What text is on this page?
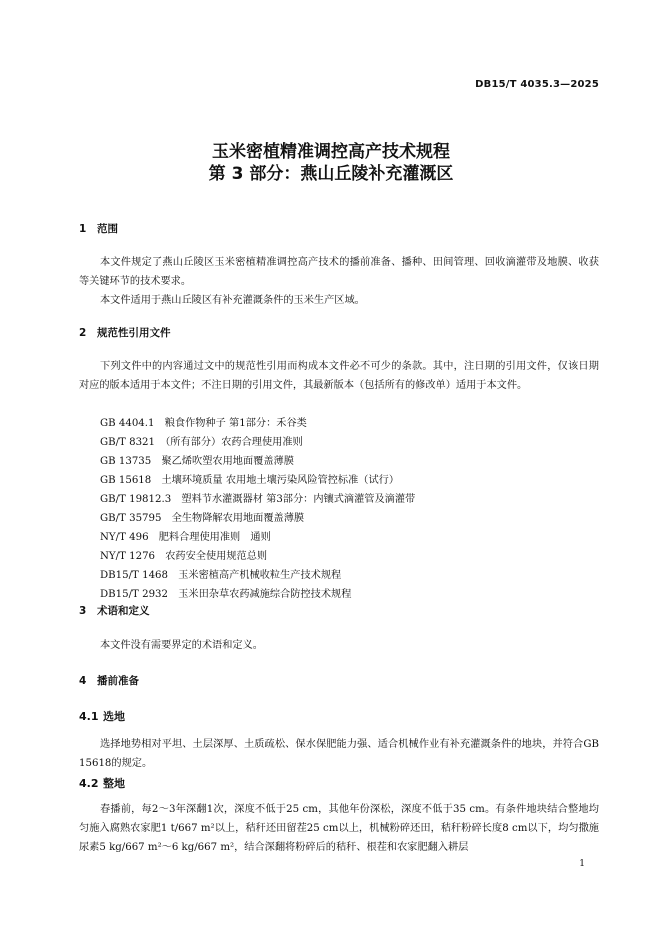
DB15/T 4035.3—2025
玉米密植精准调控高产技术规程
第 3 部分：燕山丘陵补充灌溉区
1 范围

本文件规定了燕山丘陵区玉米密植精准调控高产技术的播前准备、播种、田间管理、回收滴灌带及地膜、收获等关键环节的技术要求。

本文件适用于燕山丘陵区有补充灌溉条件的玉米生产区域。

2 规范性引用文件

下列文件中的内容通过文中的规范性引用而构成本文件必不可少的条款。其中，注日期的引用文件，仅该日期对应的版本适用于本文件；不注日期的引用文件，其最新版本（包括所有的修改单）适用于本文件。

GB 4404.1　粮食作物种子 第1部分：禾谷类
GB/T 8321　（所有部分）农药合理使用准则
GB 13735　聚乙烯吹塑农用地面覆盖薄膜
GB 15618　土壤环境质量 农用地土壤污染风险管控标准（试行）
GB/T 19812.3　塑料节水灌溉器材 第3部分：内镶式滴灌管及滴灌带
GB/T 35795　全生物降解农用地面覆盖薄膜
NY/T 496　肥料合理使用准则　通则
NY/T 1276　农药安全使用规范总则
DB15/T 1468　玉米密植高产机械收粒生产技术规程
DB15/T 2932　玉米田杂草农药减施综合防控技术规程
3 术语和定义

本文件没有需要界定的术语和定义。

4 播前准备
4.1 选地

选择地势相对平坦、土层深厚、土质疏松、保水保肥能力强、适合机械作业有补充灌溉条件的地块，并符合GB 15618的规定。

4.2 整地

春播前，每2～3年深翻1次，深度不低于25 cm，其他年份深松，深度不低于35 cm。有条件地块结合整地均匀施入腐熟农家肥1 t/667 m²以上，秸秆还田留茬25 cm以上，机械粉碎还田，秸秆粉碎长度8 cm以下，均匀撒施尿素5 kg/667 m²～6 kg/667 m²，结合深翻将粉碎后的秸秆、根茬和农家肥翻入耕层

1
